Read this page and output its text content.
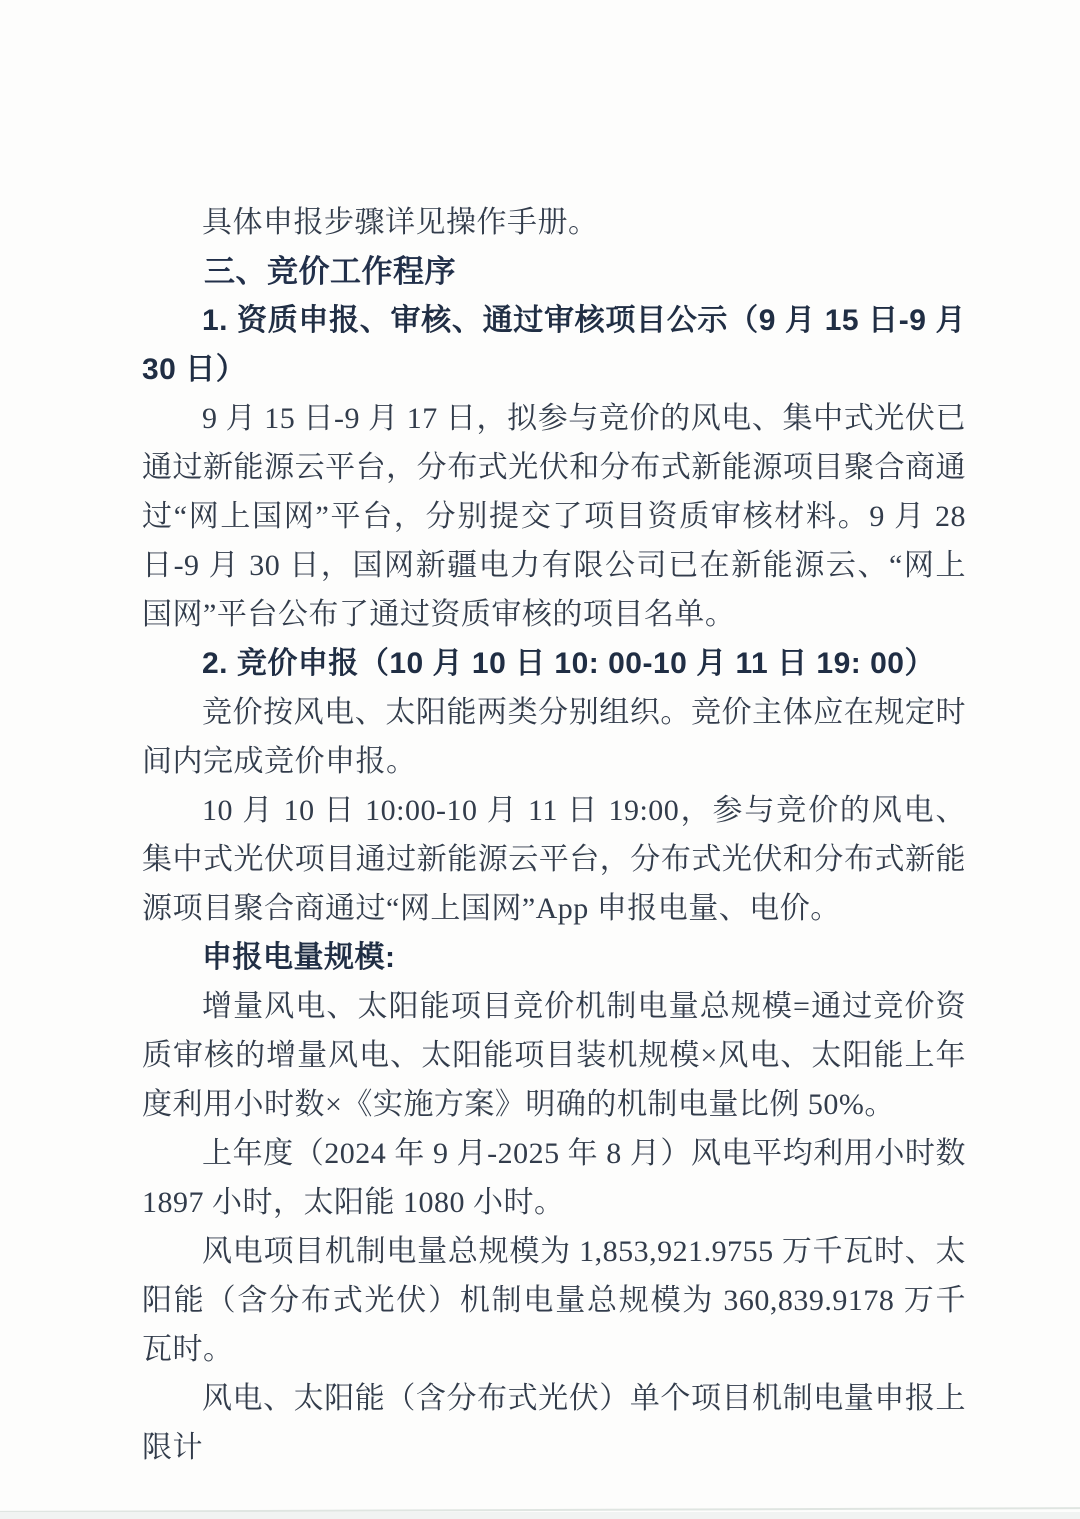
具体申报步骤详见操作手册。

三、竞价工作程序

1. 资质申报、审核、通过审核项目公示（9 月 15 日-9 月 30 日）

9 月 15 日-9 月 17 日，拟参与竞价的风电、集中式光伏已通过新能源云平台，分布式光伏和分布式新能源项目聚合商通过“网上国网”平台，分别提交了项目资质审核材料。9 月 28 日-9 月 30 日，国网新疆电力有限公司已在新能源云、“网上国网”平台公布了通过资质审核的项目名单。

2. 竞价申报（10 月 10 日 10: 00-10 月 11 日 19: 00）

竞价按风电、太阳能两类分别组织。竞价主体应在规定时间内完成竞价申报。

10 月 10 日 10:00-10 月 11 日 19:00，参与竞价的风电、集中式光伏项目通过新能源云平台，分布式光伏和分布式新能源项目聚合商通过“网上国网”App 申报电量、电价。

申报电量规模:

增量风电、太阳能项目竞价机制电量总规模=通过竞价资质审核的增量风电、太阳能项目装机规模×风电、太阳能上年度利用小时数×《实施方案》明确的机制电量比例 50%。

上年度（2024 年 9 月-2025 年 8 月）风电平均利用小时数 1897 小时，太阳能 1080 小时。

风电项目机制电量总规模为 1,853,921.9755 万千瓦时、太阳能（含分布式光伏）机制电量总规模为 360,839.9178 万千瓦时。

风电、太阳能（含分布式光伏）单个项目机制电量申报上限计
